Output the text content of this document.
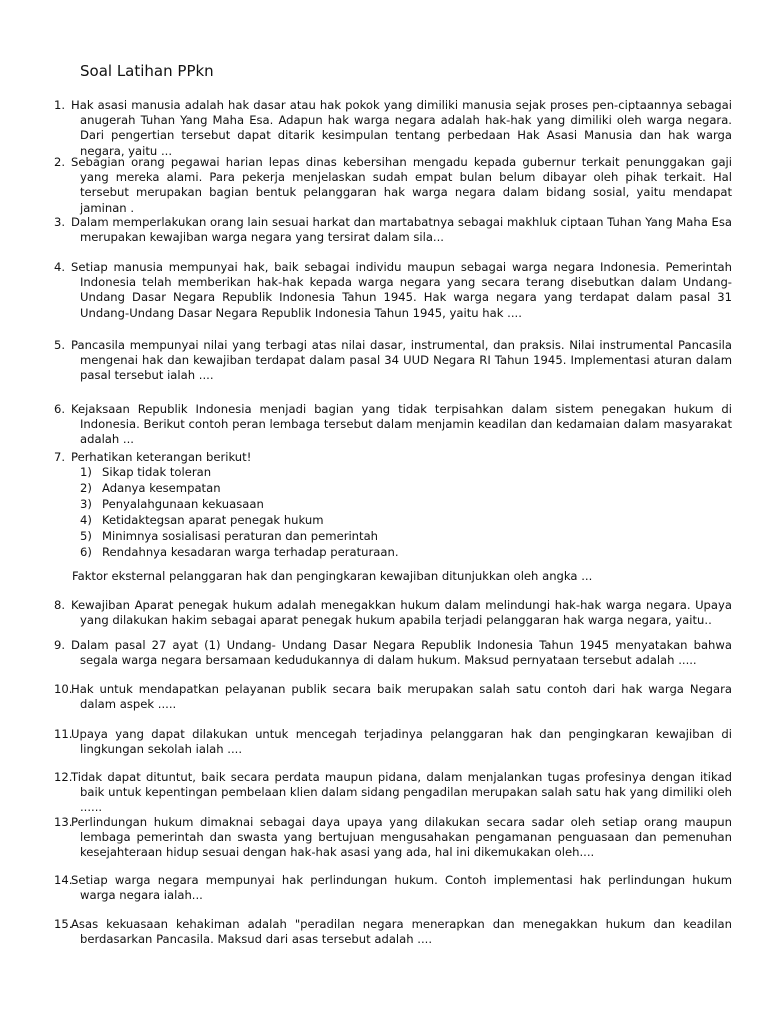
Soal Latihan PPkn
1. Hak asasi manusia adalah hak dasar atau hak pokok yang dimiliki manusia sejak proses pen-ciptaannya sebagai anugerah Tuhan Yang Maha Esa. Adapun hak warga negara adalah hak-hak yang dimiliki oleh warga negara. Dari pengertian tersebut dapat ditarik kesimpulan tentang perbedaan Hak Asasi Manusia dan hak warga negara, yaitu ...
2. Sebagian orang pegawai harian lepas dinas kebersihan mengadu kepada gubernur terkait penunggakan gaji yang mereka alami. Para pekerja menjelaskan sudah empat bulan belum dibayar oleh pihak terkait. Hal tersebut merupakan bagian bentuk pelanggaran hak warga negara dalam bidang sosial, yaitu mendapat jaminan .
3. Dalam memperlakukan orang lain sesuai harkat dan martabatnya sebagai makhluk ciptaan Tuhan Yang Maha Esa merupakan kewajiban warga negara yang tersirat dalam sila...
4. Setiap manusia mempunyai hak, baik sebagai individu maupun sebagai warga negara Indonesia. Pemerintah Indonesia telah memberikan hak-hak kepada warga negara yang secara terang disebutkan dalam Undang-Undang Dasar Negara Republik Indonesia Tahun 1945. Hak warga negara yang terdapat dalam pasal 31 Undang-Undang Dasar Negara Republik Indonesia Tahun 1945, yaitu hak ....
5. Pancasila mempunyai nilai yang terbagi atas nilai dasar, instrumental, dan praksis. Nilai instrumental Pancasila mengenai hak dan kewajiban terdapat dalam pasal 34 UUD Negara RI Tahun 1945. Implementasi aturan dalam pasal tersebut ialah ....
6. Kejaksaan Republik Indonesia menjadi bagian yang tidak terpisahkan dalam sistem penegakan hukum di Indonesia. Berikut contoh peran lembaga tersebut dalam menjamin keadilan dan kedamaian dalam masyarakat adalah ...
7. Perhatikan keterangan berikut!
1) Sikap tidak toleran
2) Adanya kesempatan
3) Penyalahgunaan kekuasaan
4) Ketidaktegsan aparat penegak hukum
5) Minimnya sosialisasi peraturan dan pemerintah
6) Rendahnya kesadaran warga terhadap peraturaan.
Faktor eksternal pelanggaran hak dan pengingkaran kewajiban ditunjukkan oleh angka ...
8. Kewajiban Aparat penegak hukum adalah menegakkan hukum dalam melindungi hak-hak warga negara. Upaya yang dilakukan hakim sebagai aparat penegak hukum apabila terjadi pelanggaran hak warga negara, yaitu..
9. Dalam pasal 27 ayat (1) Undang- Undang Dasar Negara Republik Indonesia Tahun 1945 menyatakan bahwa segala warga negara bersamaan kedudukannya di dalam hukum. Maksud pernyataan tersebut adalah .....
10.
Hak untuk mendapatkan pelayanan publik secara baik merupakan salah satu contoh dari hak warga Negara dalam aspek .....
11.
Upaya yang dapat dilakukan untuk mencegah terjadinya pelanggaran hak dan pengingkaran kewajiban di lingkungan sekolah ialah ....
12.
Tidak dapat dituntut, baik secara perdata maupun pidana, dalam menjalankan tugas profesinya dengan itikad baik untuk kepentingan pembelaan klien dalam sidang pengadilan merupakan salah satu hak yang dimiliki oleh ......
13.
Perlindungan hukum dimaknai sebagai daya upaya yang dilakukan secara sadar oleh setiap orang maupun lembaga pemerintah dan swasta yang bertujuan mengusahakan pengamanan penguasaan dan pemenuhan kesejahteraan hidup sesuai dengan hak-hak asasi yang ada, hal ini dikemukakan oleh....
14.
Setiap warga negara mempunyai hak perlindungan hukum. Contoh implementasi hak perlindungan hukum warga negara ialah...
15.
Asas kekuasaan kehakiman adalah "peradilan negara menerapkan dan menegakkan hukum dan keadilan berdasarkan Pancasila. Maksud dari asas tersebut adalah ....
